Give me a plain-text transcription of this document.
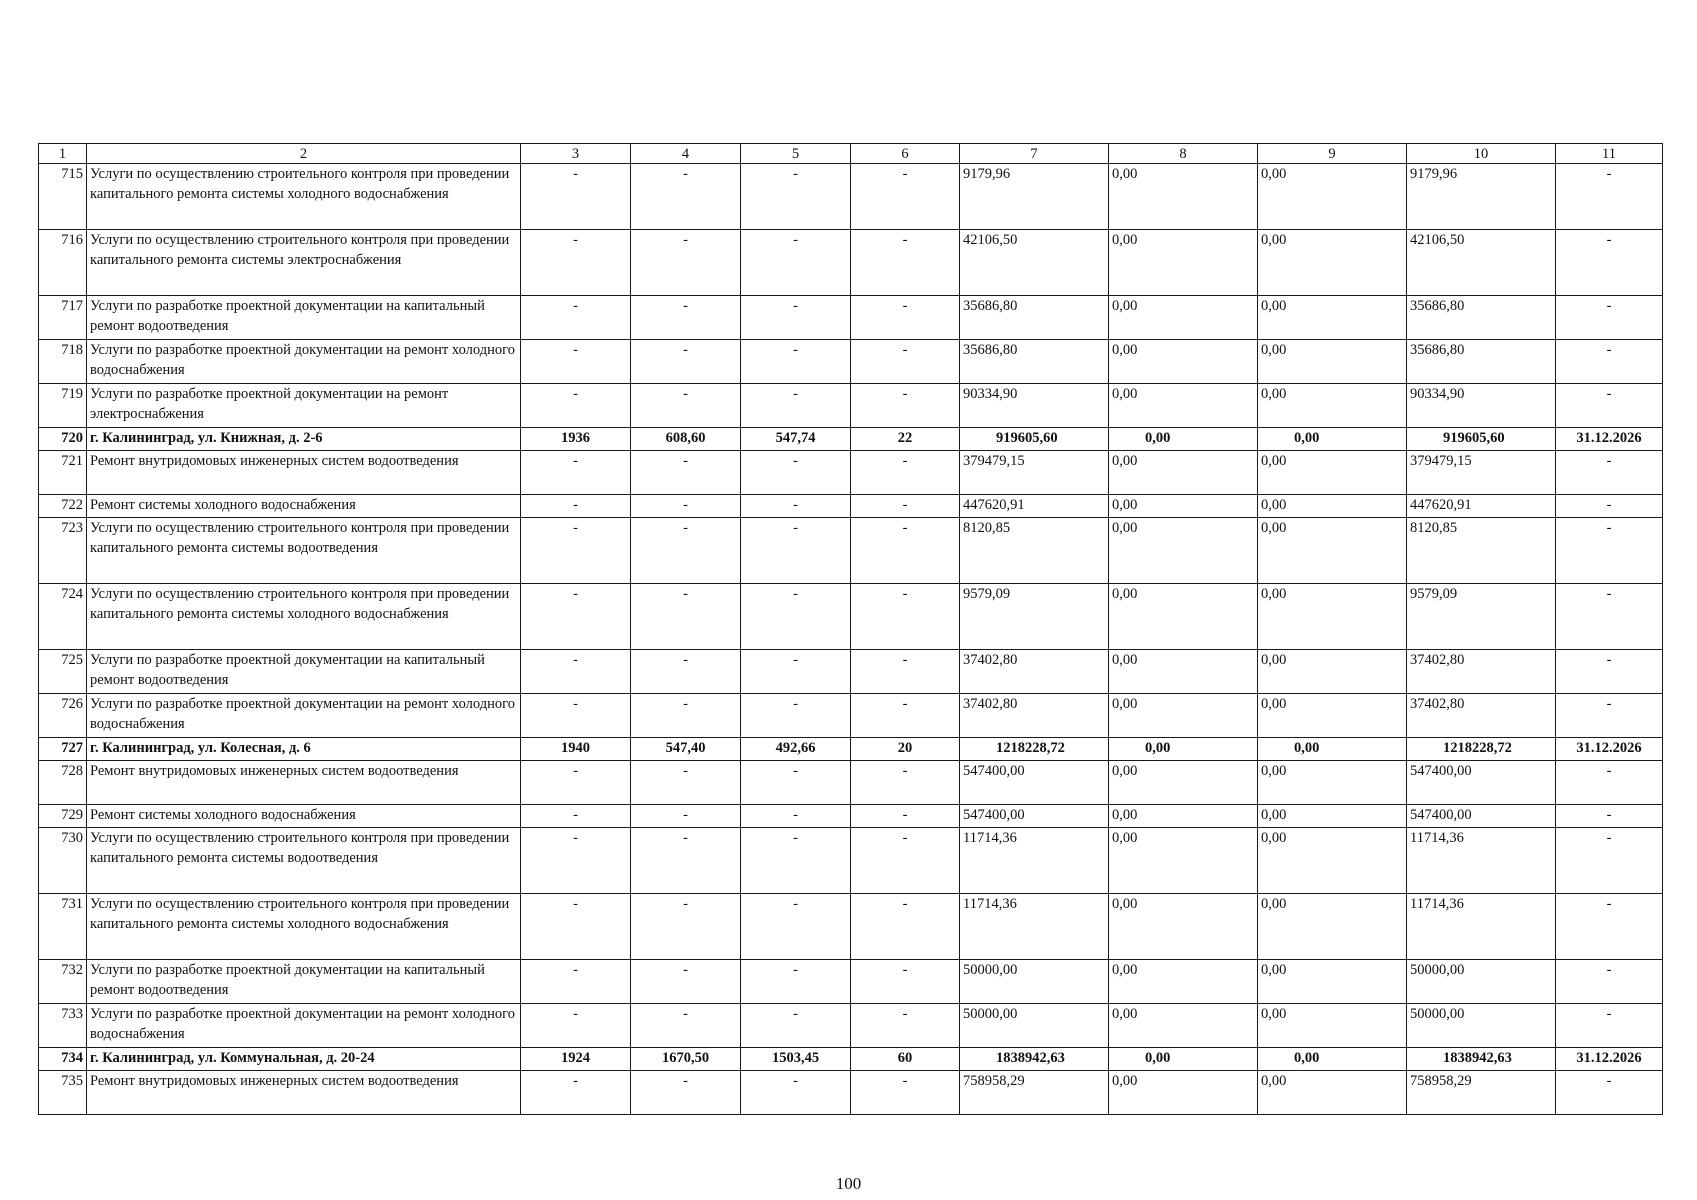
1	2	3	4	5	6	7	8	9	10	11
715	Услуги по осуществлению строительного контроля при проведении капитального ремонта системы холодного водоснабжения	-	-	-	-	9179,96	0,00	0,00	9179,96	-
716	Услуги по осуществлению строительного контроля при проведении капитального ремонта системы электроснабжения	-	-	-	-	42106,50	0,00	0,00	42106,50	-
717	Услуги по разработке проектной документации на капитальный ремонт водоотведения	-	-	-	-	35686,80	0,00	0,00	35686,80	-
718	Услуги по разработке проектной документации на ремонт холодного водоснабжения	-	-	-	-	35686,80	0,00	0,00	35686,80	-
719	Услуги по разработке проектной документации на ремонт электроснабжения	-	-	-	-	90334,90	0,00	0,00	90334,90	-
720	г. Калининград, ул. Книжная, д. 2-6	1936	608,60	547,74	22	919605,60	0,00	0,00	919605,60	31.12.2026
721	Ремонт внутридомовых инженерных систем водоотведения	-	-	-	-	379479,15	0,00	0,00	379479,15	-
722	Ремонт системы холодного водоснабжения	-	-	-	-	447620,91	0,00	0,00	447620,91	-
723	Услуги по осуществлению строительного контроля при проведении капитального ремонта системы водоотведения	-	-	-	-	8120,85	0,00	0,00	8120,85	-
724	Услуги по осуществлению строительного контроля при проведении капитального ремонта системы холодного водоснабжения	-	-	-	-	9579,09	0,00	0,00	9579,09	-
725	Услуги по разработке проектной документации на капитальный ремонт водоотведения	-	-	-	-	37402,80	0,00	0,00	37402,80	-
726	Услуги по разработке проектной документации на ремонт холодного водоснабжения	-	-	-	-	37402,80	0,00	0,00	37402,80	-
727	г. Калининград, ул. Колесная, д. 6	1940	547,40	492,66	20	1218228,72	0,00	0,00	1218228,72	31.12.2026
728	Ремонт внутридомовых инженерных систем водоотведения	-	-	-	-	547400,00	0,00	0,00	547400,00	-
729	Ремонт системы холодного водоснабжения	-	-	-	-	547400,00	0,00	0,00	547400,00	-
730	Услуги по осуществлению строительного контроля при проведении капитального ремонта системы водоотведения	-	-	-	-	11714,36	0,00	0,00	11714,36	-
731	Услуги по осуществлению строительного контроля при проведении капитального ремонта системы холодного водоснабжения	-	-	-	-	11714,36	0,00	0,00	11714,36	-
732	Услуги по разработке проектной документации на капитальный ремонт водоотведения	-	-	-	-	50000,00	0,00	0,00	50000,00	-
733	Услуги по разработке проектной документации на ремонт холодного водоснабжения	-	-	-	-	50000,00	0,00	0,00	50000,00	-
734	г. Калининград, ул. Коммунальная, д. 20-24	1924	1670,50	1503,45	60	1838942,63	0,00	0,00	1838942,63	31.12.2026
735	Ремонт внутридомовых инженерных систем водоотведения	-	-	-	-	758958,29	0,00	0,00	758958,29	-
100
